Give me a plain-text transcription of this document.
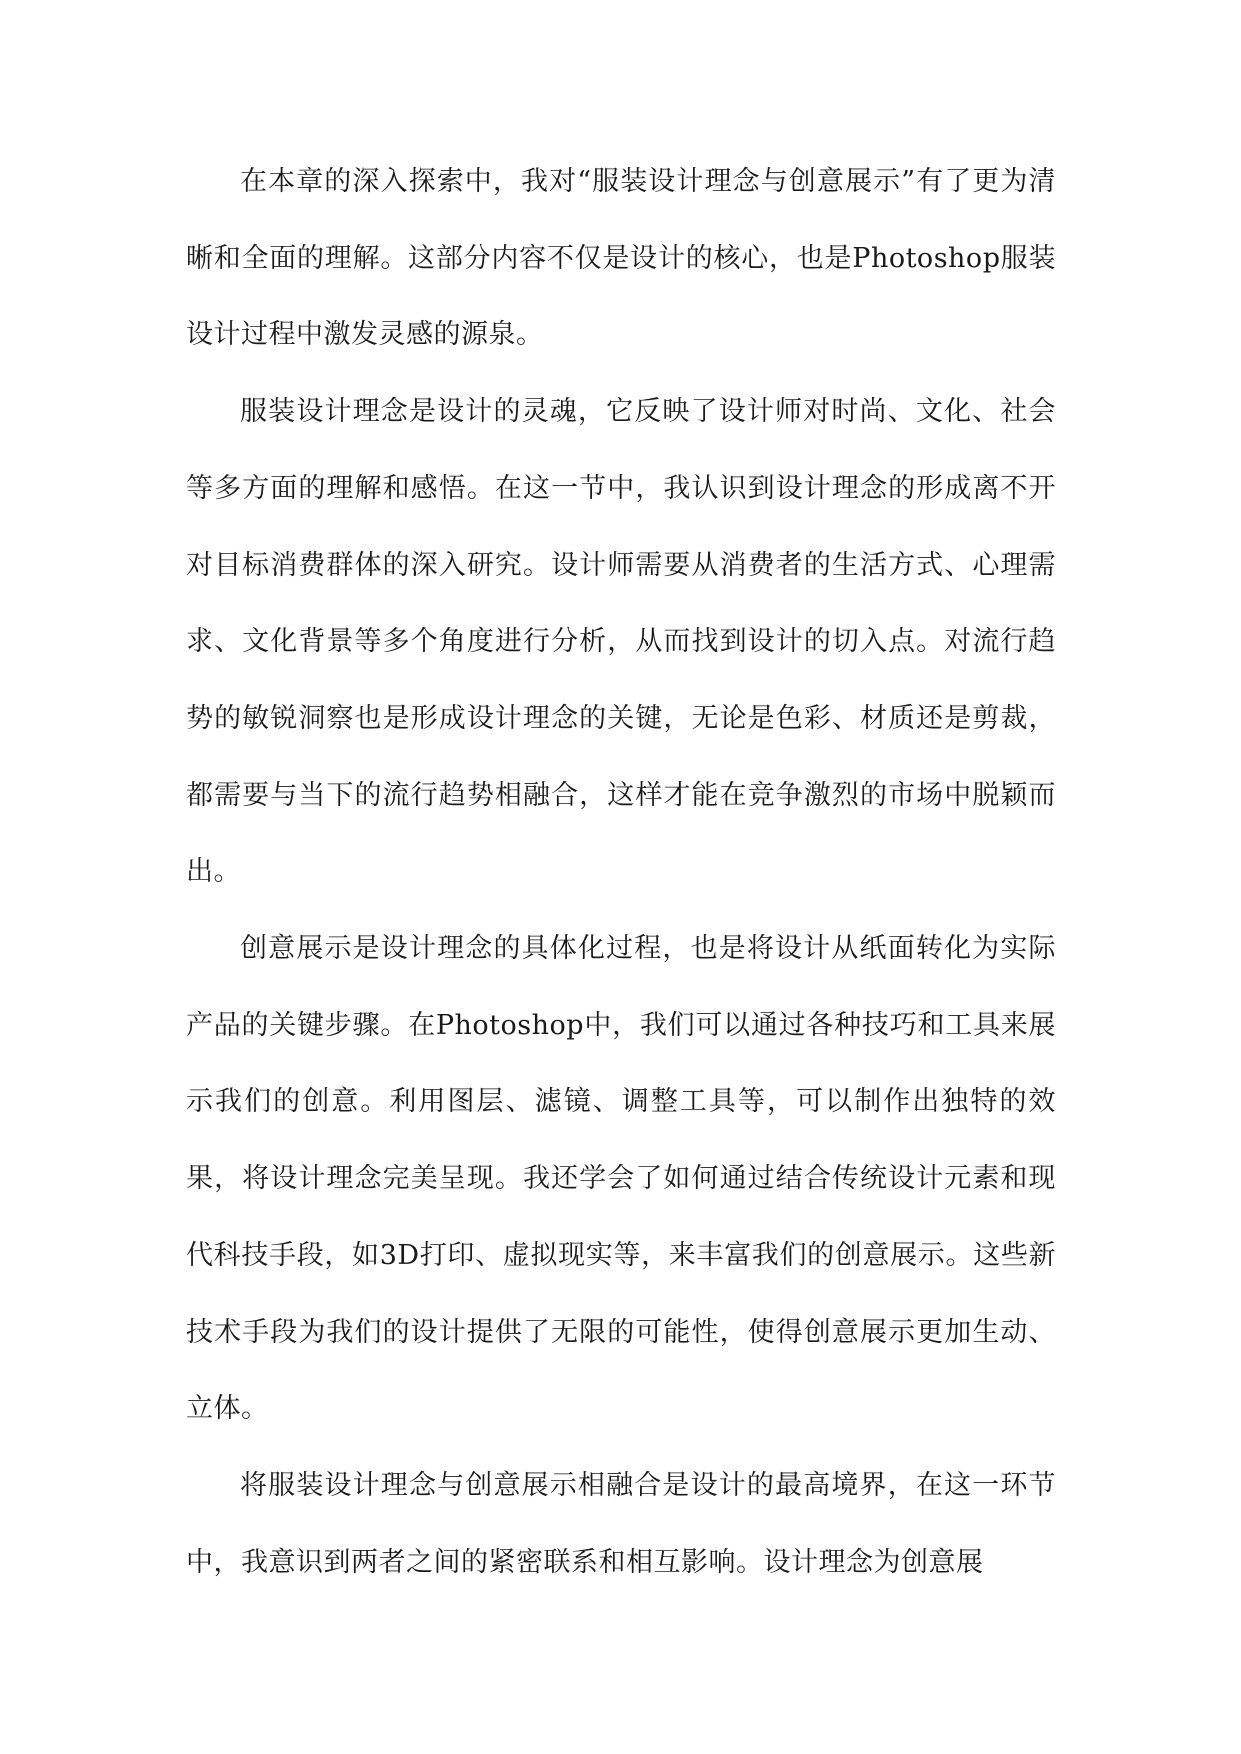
在本章的深入探索中，我对“服装设计理念与创意展示”有了更为清晰和全面的理解。这部分内容不仅是设计的核心，也是Photoshop服装设计过程中激发灵感的源泉。

服装设计理念是设计的灵魂，它反映了设计师对时尚、文化、社会等多方面的理解和感悟。在这一节中，我认识到设计理念的形成离不开对目标消费群体的深入研究。设计师需要从消费者的生活方式、心理需求、文化背景等多个角度进行分析，从而找到设计的切入点。对流行趋势的敏锐洞察也是形成设计理念的关键，无论是色彩、材质还是剪裁，都需要与当下的流行趋势相融合，这样才能在竞争激烈的市场中脱颖而出。

创意展示是设计理念的具体化过程，也是将设计从纸面转化为实际产品的关键步骤。在Photoshop中，我们可以通过各种技巧和工具来展示我们的创意。利用图层、滤镜、调整工具等，可以制作出独特的效果，将设计理念完美呈现。我还学会了如何通过结合传统设计元素和现代科技手段，如3D打印、虚拟现实等，来丰富我们的创意展示。这些新技术手段为我们的设计提供了无限的可能性，使得创意展示更加生动、立体。

将服装设计理念与创意展示相融合是设计的最高境界，在这一环节中，我意识到两者之间的紧密联系和相互影响。设计理念为创意展
